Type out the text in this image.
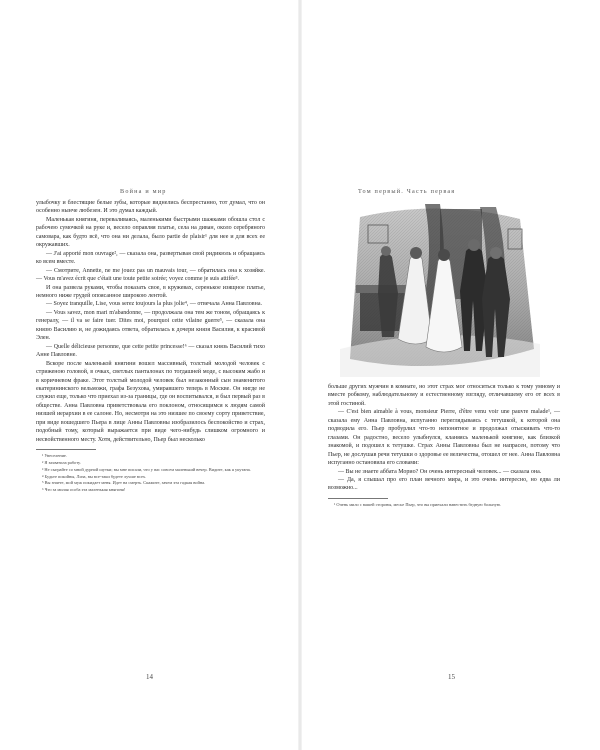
Война и мир

улыбочку и блестящие белые зубы, которые виднелись беспрестанно, тот думал, что он особенно нынче любезен. И это думал каждый.

Маленькая княгиня, переваливаясь, маленькими быстрыми шажками обошла стол с рабочею сумочкой на руке и, весело оправляя платье, села на диван, около серебряного самовара, как будто всё, что она ни делала, было partie de plaisir¹ для нее и для всех ее окружавших.

— J'ai apporté mon ouvrage², — сказала она, развертывая свой ридикюль и обращаясь ко всем вместе.

— Смотрите, Annette, ne me jouez pas un mauvais tour, — обратилась она к хозяйке. — Vous m'avez écrit que c'était une toute petite soirée; voyez comme je suis attifée³.

И она развела руками, чтобы показать свое, в кружевах, серенькое изящное платье, немного ниже грудей опоясанное широкою лентой.

— Soyez tranquille, Lise, vous serez toujours la plus jolie⁴, — отвечала Анна Павловна.

— Vous savez, mon mari m'abandonne, — продолжала она тем же тоном, обращаясь к генералу, — il va se faire tuer. Dites moi, pourquoi cette vilaine guerre⁵, — сказала она князю Василию и, не дожидаясь ответа, обратилась к дочери князя Василия, к красивой Элен.

— Quelle délicieuse personne, que cette petite princesse!⁶ — сказал князь Василий тихо Анне Павловне.

Вскоре после маленькой княгини вошел массивный, толстый молодой человек с стриженою головой, в очках, светлых панталонах по тогдашней моде, с высоким жабо и в коричневом фраке. Этот толстый молодой человек был незаконный сын знаменитого екатерининского вельможи, графа Безухова, умиравшего теперь в Москве. Он нигде не служил еще, только что приехал из-за границы, где он воспитывался, и был первый раз в обществе. Анна Павловна приветствовала его поклоном, относящимся к людям самой низшей иерархии в ее салоне. Но, несмотря на это низшее по своему сорту приветствие, при виде вошедшего Пьера в лице Анны Павловны изобразилось беспокойство и страх, подобный тому, который выражается при виде чего-нибудь слишком огромного и несвойственного месту. Хотя, действительно, Пьер был несколько

¹ Увеселение.
² Я захватила работу.
³ Не сыграйте со мной дурной шутки; вы мне писали, что у вас совсем маленький вечер. Видите, как я укутана.
⁴ Будьте покойны, Лиза, вы все-таки будете лучше всех.
⁵ Вы знаете, мой муж покидает меня. Идет на смерть. Скажите, зачем эта гадкая война.
⁶ Что за милая особа эта маленькая княгиня!
14
Том первый. Часть первая

больше других мужчин в комнате, но этот страх мог относиться только к тому умному и вместе робкому, наблюдательному и естественному взгляду, отличавшему его от всех в этой гостиной.

— C'est bien aimable à vous, monsieur Pierre, d'être venu voir une pauvre malade¹, — сказала ему Анна Павловна, испуганно переглядываясь с тетушкой, к которой она подводила его. Пьер пробурлил что-то непонятное и продолжал отыскивать что-то глазами. Он радостно, весело улыбнулся, кланяясь маленькой княгине, как близкой знакомой, и подошел к тетушке. Страх Анны Павловны был не напрасен, потому что Пьер, не дослушав речи тетушки о здоровье ее величества, отошел от нее. Анна Павловна испуганно остановила его словами:

— Вы не знаете аббата Морио? Он очень интересный человек... — сказала она.

— Да, я слышал про его план вечного мира, и это очень интересно, но едва ли возможно...

¹ Очень мило с вашей стороны, месье Пьер, что вы приехали навестить бедную больную.
15
